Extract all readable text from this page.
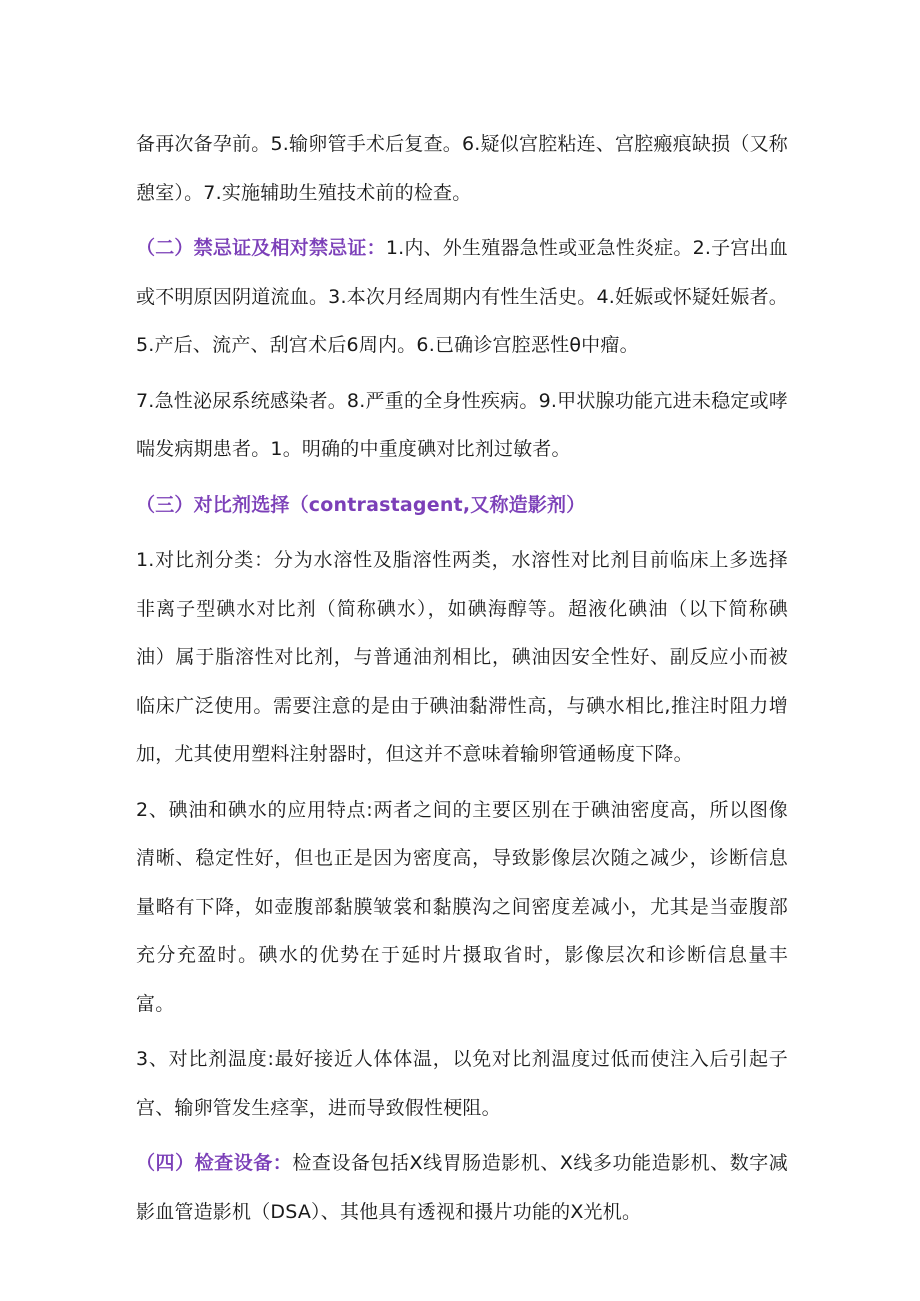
备再次备孕前。5.输卵管手术后复查。6.疑似宫腔粘连、宫腔瘢痕缺损（又称憩室）。7.实施辅助生殖技术前的检查。

（二）禁忌证及相对禁忌证：1.内、外生殖器急性或亚急性炎症。2.子宫出血或不明原因阴道流血。3.本次月经周期内有性生活史。4.妊娠或怀疑妊娠者。5.产后、流产、刮宫术后6周内。6.已确诊宫腔恶性θ中瘤。

7.急性泌尿系统感染者。8.严重的全身性疾病。9.甲状腺功能亢进未稳定或哮喘发病期患者。1。明确的中重度碘对比剂过敏者。

（三）对比剂选择（contrastagent,又称造影剂）

1.对比剂分类：分为水溶性及脂溶性两类，水溶性对比剂目前临床上多选择非离子型碘水对比剂（简称碘水），如碘海醇等。超液化碘油（以下简称碘油）属于脂溶性对比剂，与普通油剂相比，碘油因安全性好、副反应小而被临床广泛使用。需要注意的是由于碘油黏滞性高，与碘水相比,推注时阻力增加，尤其使用塑料注射器时，但这并不意味着输卵管通畅度下降。

2、碘油和碘水的应用特点:两者之间的主要区别在于碘油密度高，所以图像清晰、稳定性好，但也正是因为密度高，导致影像层次随之减少，诊断信息量略有下降，如壶腹部黏膜皱裳和黏膜沟之间密度差减小，尤其是当壶腹部充分充盈时。碘水的优势在于延时片摄取省时，影像层次和诊断信息量丰富。

3、对比剂温度:最好接近人体体温，以免对比剂温度过低而使注入后引起子宫、输卵管发生痉挛，进而导致假性梗阻。

（四）检查设备：检查设备包括X线胃肠造影机、X线多功能造影机、数字减影血管造影机（DSA）、其他具有透视和摄片功能的X光机。
